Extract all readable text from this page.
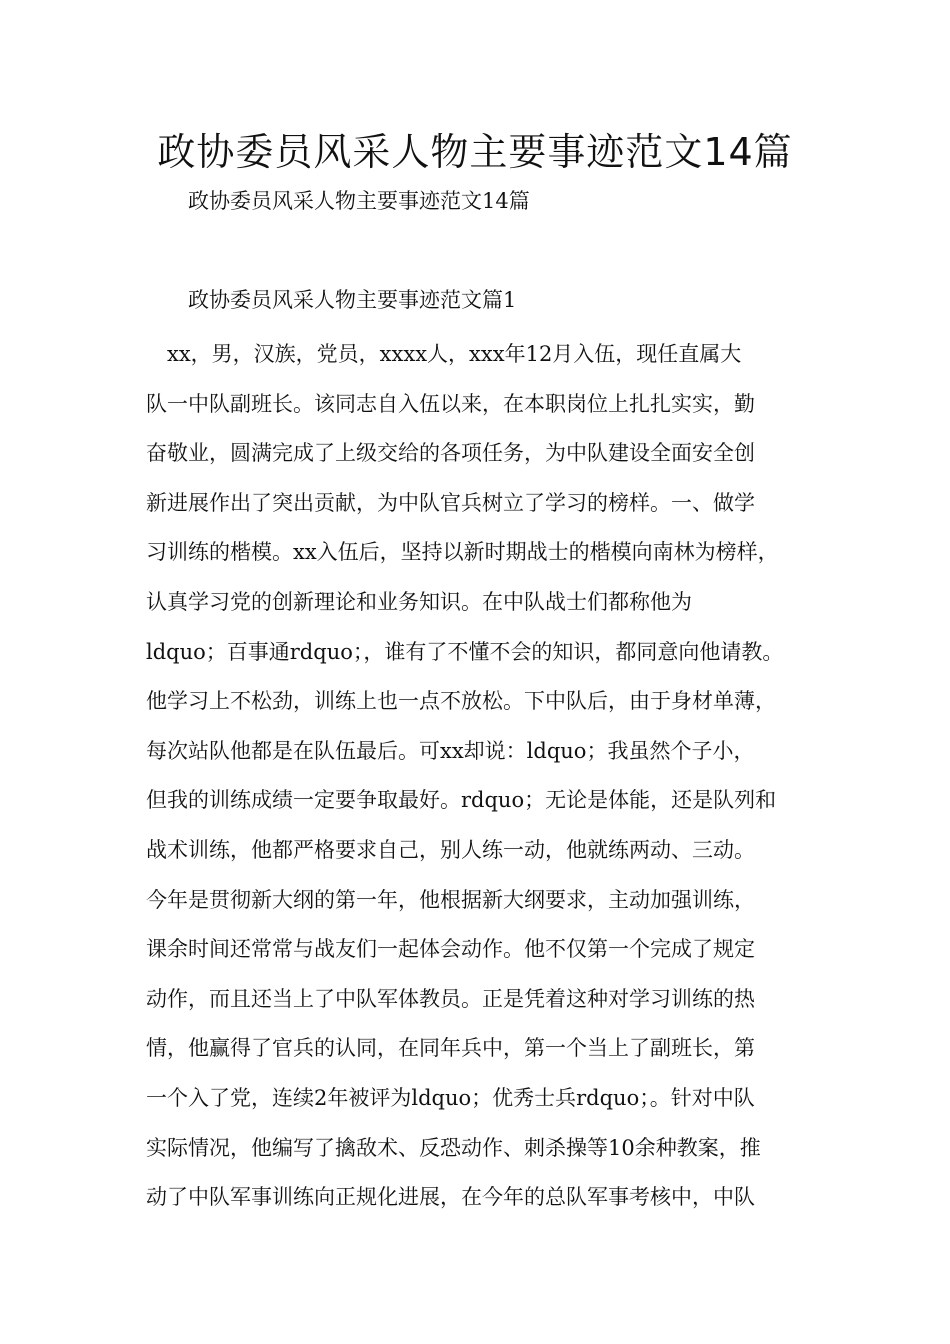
政协委员风采人物主要事迹范文14篇

政协委员风采人物主要事迹范文14篇

政协委员风采人物主要事迹范文篇1

　xx，男，汉族，党员，xxxx人，xxx年12月入伍，现任直属大
队一中队副班长。该同志自入伍以来，在本职岗位上扎扎实实，勤
奋敬业，圆满完成了上级交给的各项任务，为中队建设全面安全创
新进展作出了突出贡献，为中队官兵树立了学习的榜样。一、做学
习训练的楷模。xx入伍后，坚持以新时期战士的楷模向南林为榜样，
认真学习党的创新理论和业务知识。在中队战士们都称他为
ldquo；百事通rdquo；，谁有了不懂不会的知识，都同意向他请教。
他学习上不松劲，训练上也一点不放松。下中队后，由于身材单薄，
每次站队他都是在队伍最后。可xx却说：ldquo；我虽然个子小，
但我的训练成绩一定要争取最好。rdquo；无论是体能，还是队列和
战术训练，他都严格要求自己，别人练一动，他就练两动、三动。
今年是贯彻新大纲的第一年，他根据新大纲要求，主动加强训练，
课余时间还常常与战友们一起体会动作。他不仅第一个完成了规定
动作，而且还当上了中队军体教员。正是凭着这种对学习训练的热
情，他赢得了官兵的认同，在同年兵中，第一个当上了副班长，第
一个入了党，连续2年被评为ldquo；优秀士兵rdquo；。针对中队
实际情况，他编写了擒敌术、反恐动作、刺杀操等10余种教案，推
动了中队军事训练向正规化进展，在今年的总队军事考核中，中队
